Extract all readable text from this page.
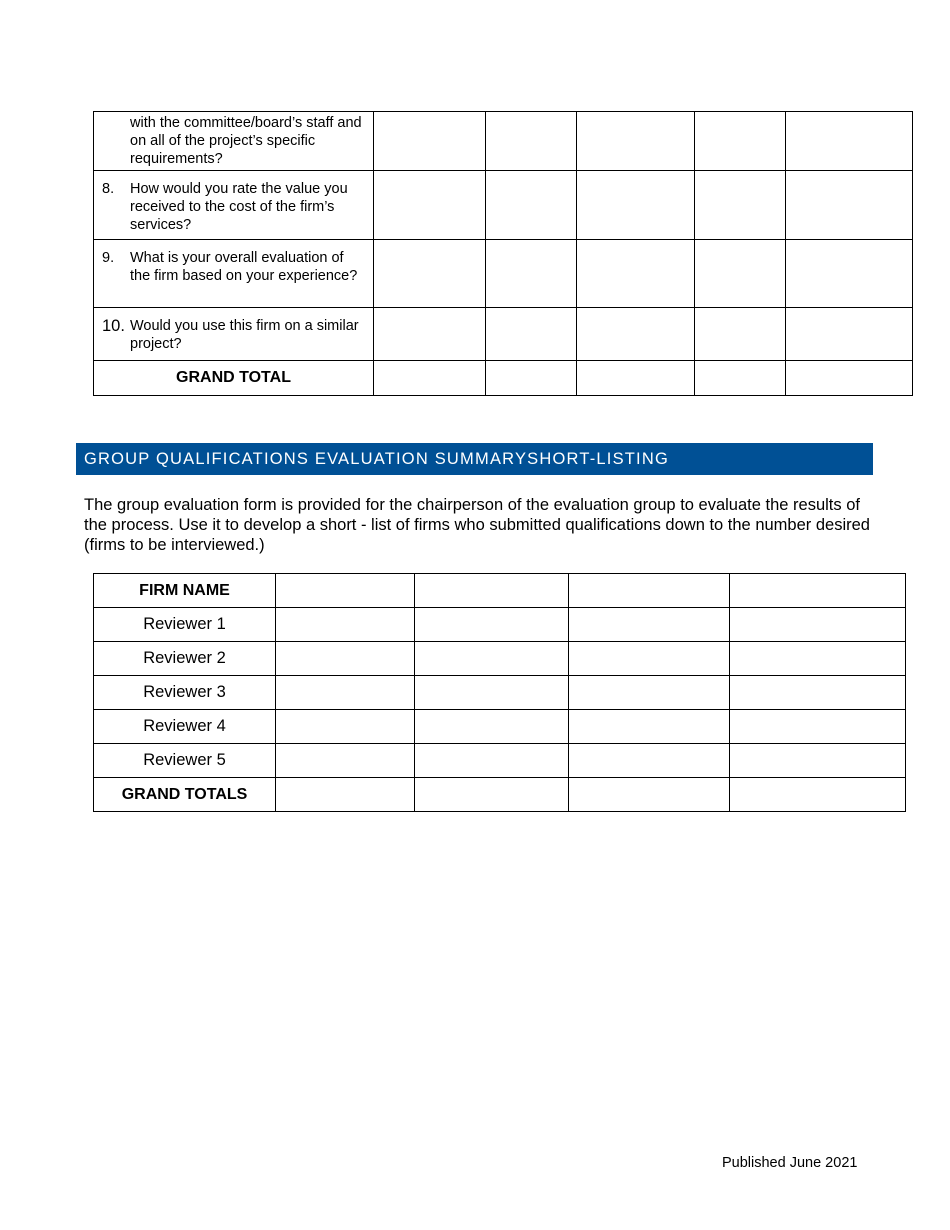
with the committee/board’s staff and on all of the project’s specific requirements?					

8. How would you rate the value you received to the cost of the firm’s services?					

9. What is your overall evaluation of the firm based on your experience?					

10. Would you use this firm on a similar project?					

GRAND TOTAL					
GROUP QUALIFICATIONS EVALUATION SUMMARYSHORT-LISTING

The group evaluation form is provided for the chairperson of the evaluation group to evaluate the results of the process. Use it to develop a short - list of firms who submitted qualifications down to the number desired (firms to be interviewed.)

FIRM NAME				
Reviewer 1				
Reviewer 2				
Reviewer 3				
Reviewer 4				
Reviewer 5				
GRAND TOTALS				
Published June 2021
